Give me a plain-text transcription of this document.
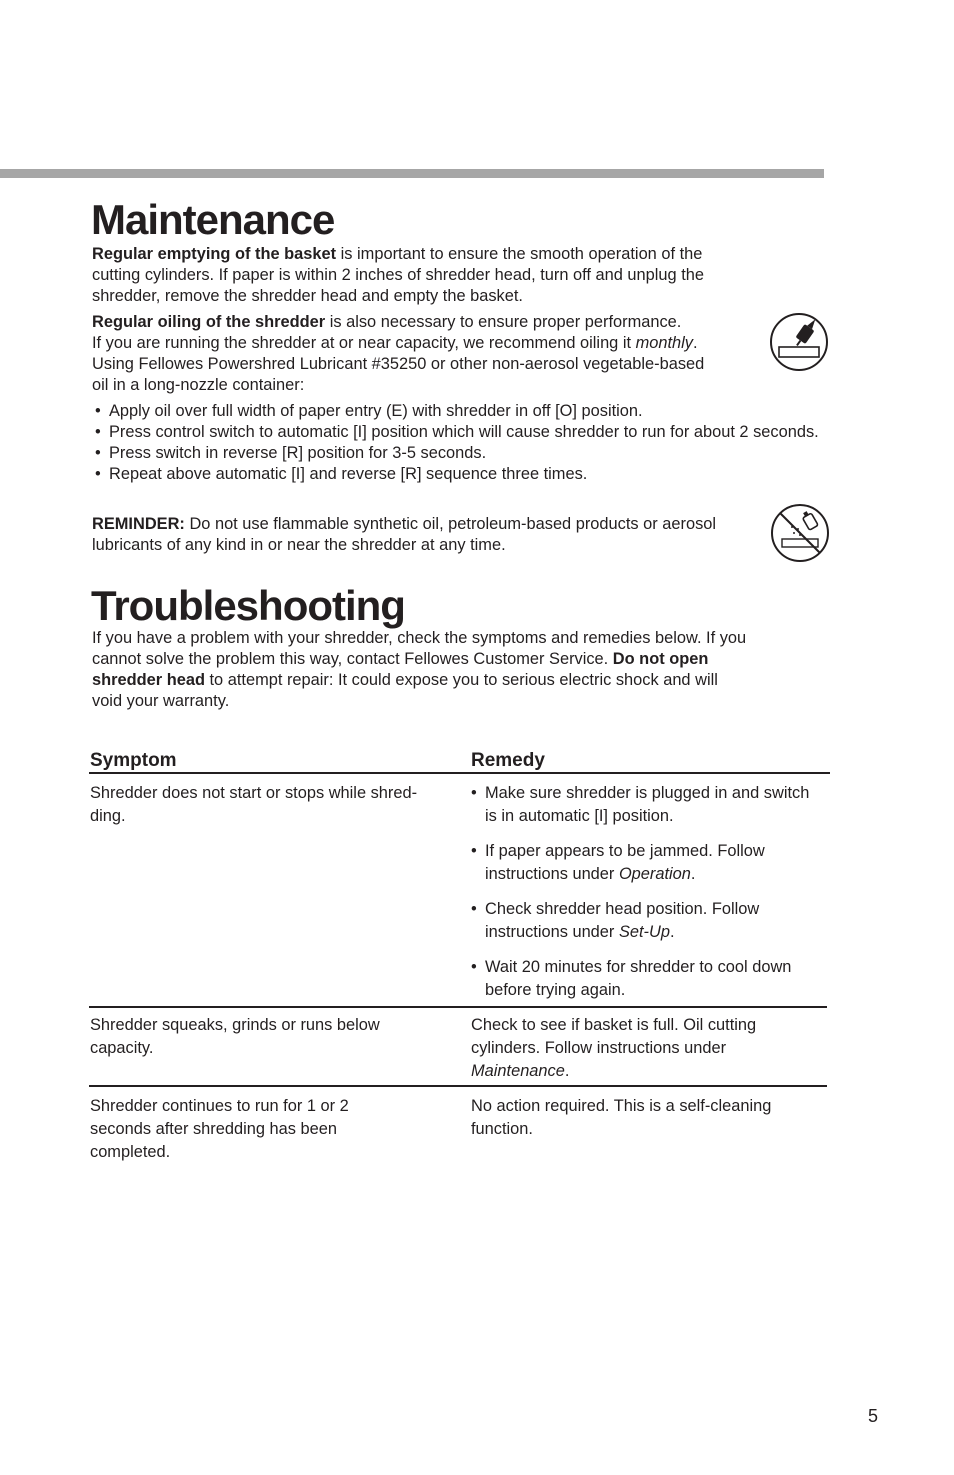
Maintenance

Regular emptying of the basket is important to ensure the smooth operation of the
cutting cylinders. If paper is within 2 inches of shredder head, turn off and unplug the
shredder, remove the shredder head and empty the basket.

Regular oiling of the shredder is also necessary to ensure proper performance.
If you are running the shredder at or near capacity, we recommend oiling it monthly.
Using Fellowes Powershred Lubricant #35250 or other non-aerosol vegetable-based
oil in a long-nozzle container:

• Apply oil over full width of paper entry (E) with shredder in off [O] position.
• Press control switch to automatic [I] position which will cause shredder to run for about 2 seconds.
• Press switch in reverse [R] position for 3-5 seconds.
• Repeat above automatic [I] and reverse [R] sequence three times.

REMINDER: Do not use flammable synthetic oil, petroleum-based products or aerosol
lubricants of any kind in or near the shredder at any time.

Troubleshooting

If you have a problem with your shredder, check the symptoms and remedies below. If you
cannot solve the problem this way, contact Fellowes Customer Service. Do not open
shredder head to attempt repair: It could expose you to serious electric shock and will
void your warranty.

Symptom	Remedy
Shredder does not start or stops while shred-
ding.
• Make sure shredder is plugged in and switch is in automatic [I] position.
• If paper appears to be jammed. Follow instructions under Operation.
• Check shredder head position. Follow instructions under Set-Up.
• Wait 20 minutes for shredder to cool down before trying again.
Shredder squeaks, grinds or runs below
capacity.
Check to see if basket is full. Oil cutting
cylinders. Follow instructions under
Maintenance.
Shredder continues to run for 1 or 2
seconds after shredding has been
completed.
No action required. This is a self-cleaning
function.
5
